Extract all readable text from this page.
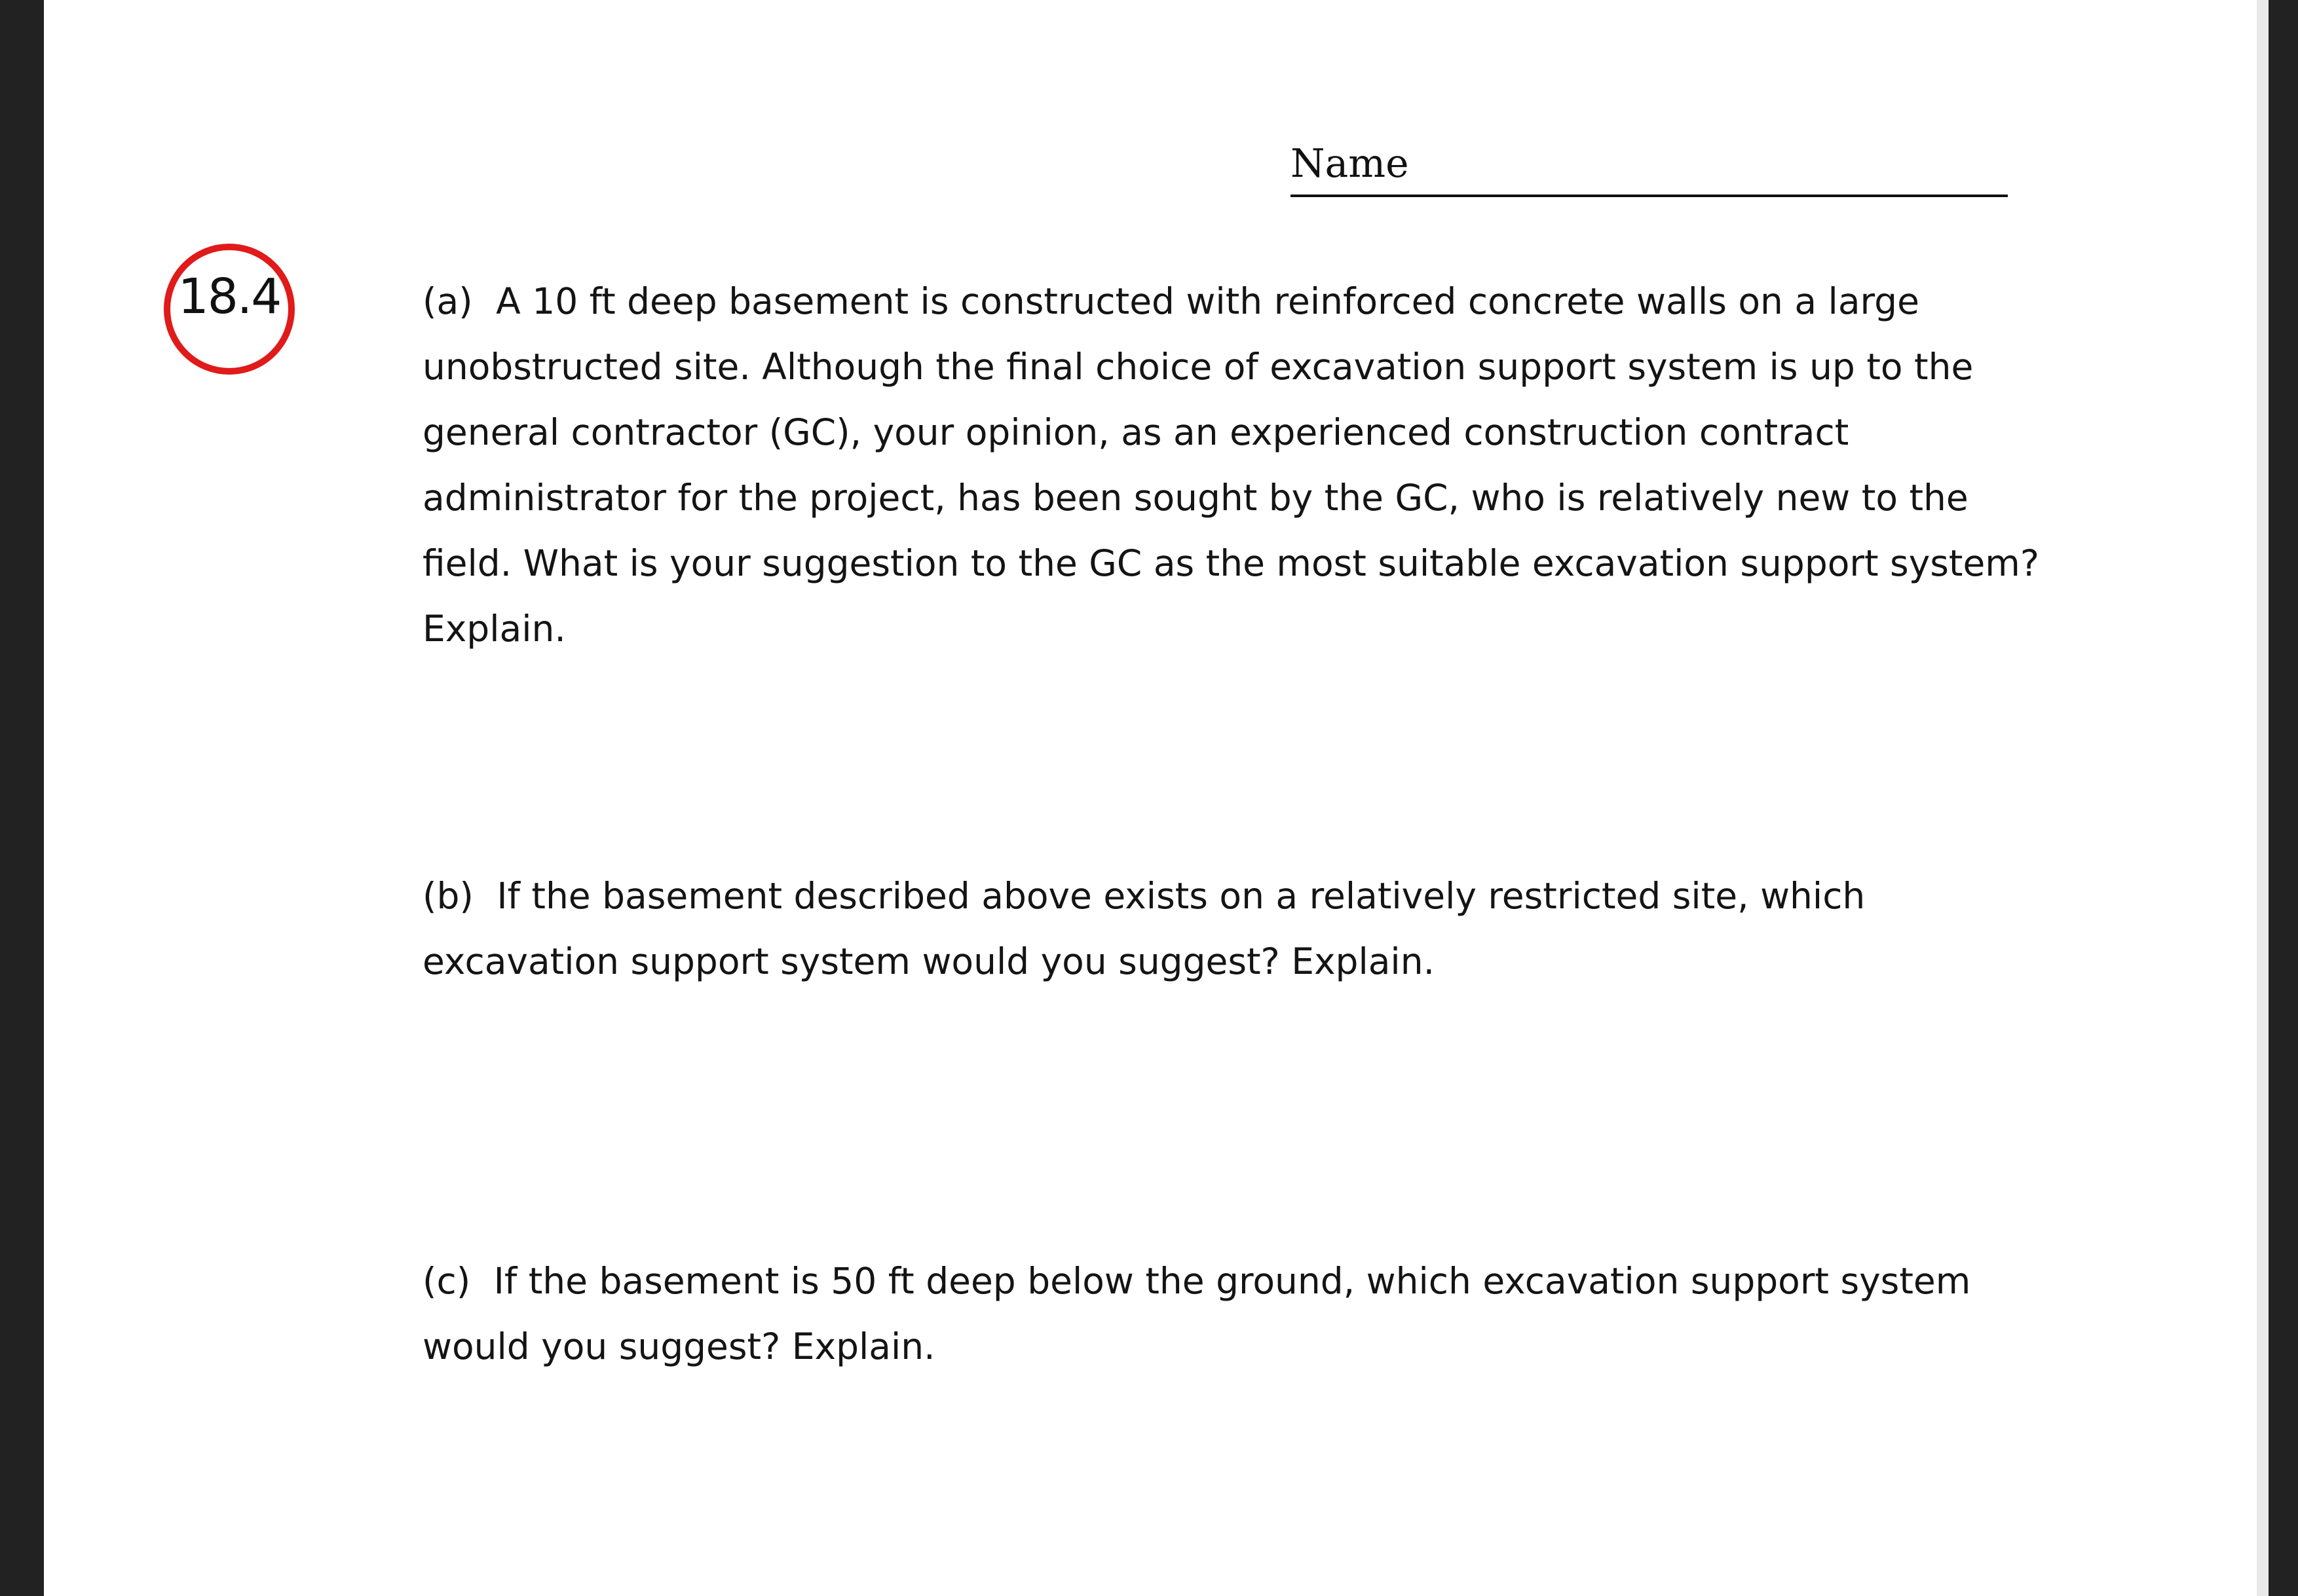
Name
18.4	(a) A 10 ft deep basement is constructed with reinforced concrete walls on a large unobstructed site. Although the final choice of excavation support system is up to the general contractor (GC), your opinion, as an experienced construction contract administrator for the project, has been sought by the GC, who is relatively new to the field. What is your suggestion to the GC as the most suitable excavation support system? Explain.

(b) If the basement described above exists on a relatively restricted site, which excavation support system would you suggest? Explain.

(c) If the basement is 50 ft deep below the ground, which excavation support system would you suggest? Explain.
